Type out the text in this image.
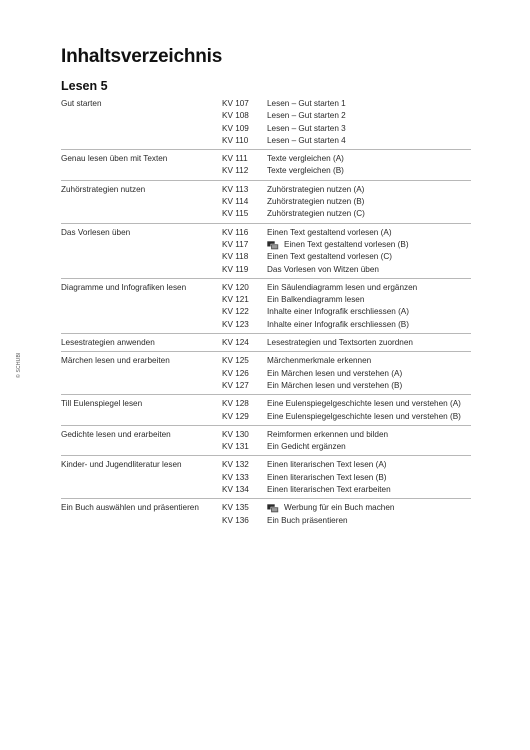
© SCHUBI
Inhaltsverzeichnis
Lesen 5
Gut starten	KV 107	Lesen – Gut starten 1
KV 108	Lesen – Gut starten 2
KV 109	Lesen – Gut starten 3
KV 110	Lesen – Gut starten 4
Genau lesen üben mit Texten	KV 111	Texte vergleichen (A)
KV 112	Texte vergleichen (B)
Zuhörstrategien nutzen	KV 113	Zuhörstrategien nutzen (A)
KV 114	Zuhörstrategien nutzen (B)
KV 115	Zuhörstrategien nutzen (C)
Das Vorlesen üben	KV 116	Einen Text gestaltend vorlesen (A)
KV 117	Einen Text gestaltend vorlesen (B)
KV 118	Einen Text gestaltend vorlesen (C)
KV 119	Das Vorlesen von Witzen üben
Diagramme und Infografiken lesen	KV 120	Ein Säulendiagramm lesen und ergänzen
KV 121	Ein Balkendiagramm lesen
KV 122	Inhalte einer Infografik erschliessen (A)
KV 123	Inhalte einer Infografik erschliessen (B)
Lesestrategien anwenden	KV 124	Lesestrategien und Textsorten zuordnen
Märchen lesen und erarbeiten	KV 125	Märchenmerkmale erkennen
KV 126	Ein Märchen lesen und verstehen (A)
KV 127	Ein Märchen lesen und verstehen (B)
Till Eulenspiegel lesen	KV 128	Eine Eulenspiegelgeschichte lesen und verstehen (A)
KV 129	Eine Eulenspiegelgeschichte lesen und verstehen (B)
Gedichte lesen und erarbeiten	KV 130	Reimformen erkennen und bilden
KV 131	Ein Gedicht ergänzen
Kinder- und Jugendliteratur lesen	KV 132	Einen literarischen Text lesen (A)
KV 133	Einen literarischen Text lesen (B)
KV 134	Einen literarischen Text erarbeiten
Ein Buch auswählen und präsentieren	KV 135	Werbung für ein Buch machen
KV 136	Ein Buch präsentieren
